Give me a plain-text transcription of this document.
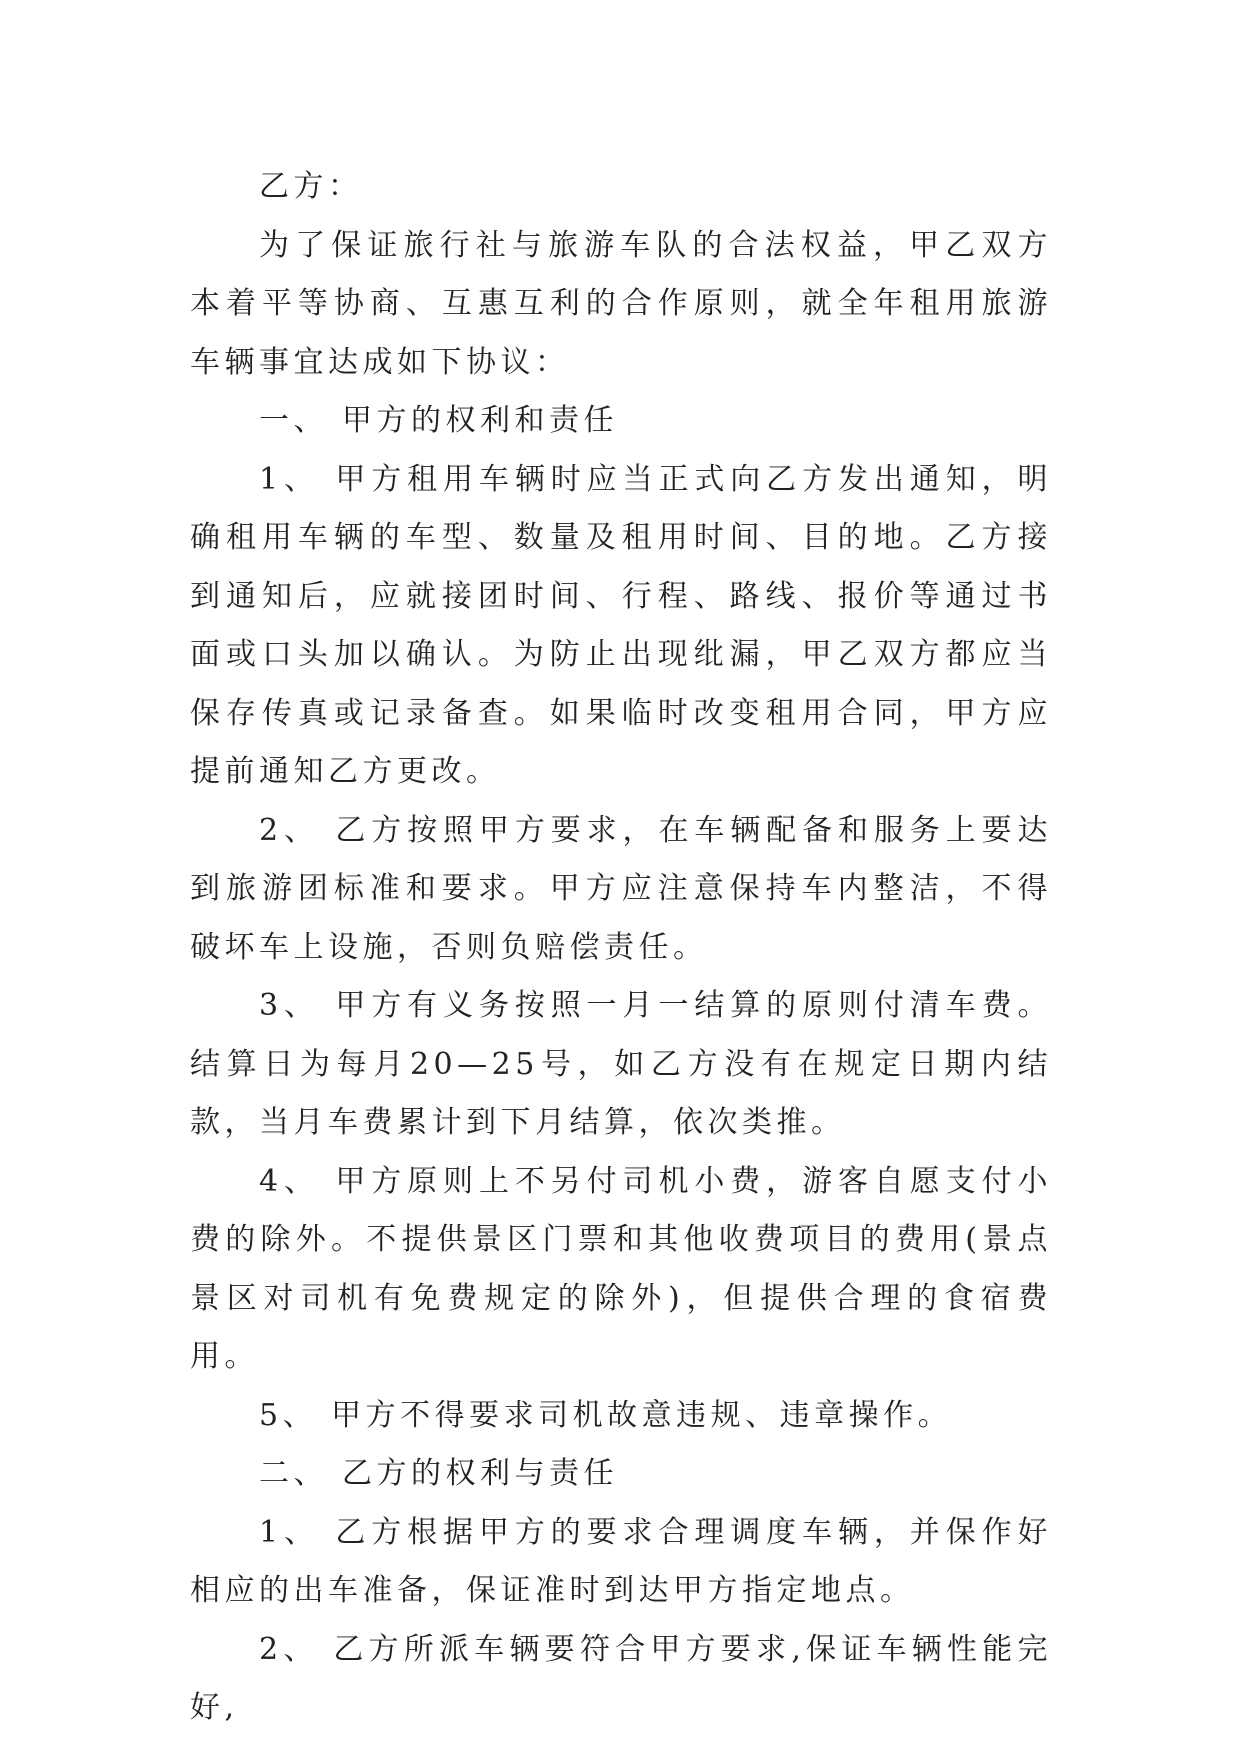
乙方：

为了保证旅行社与旅游车队的合法权益，甲乙双方本着平等协商、互惠互利的合作原则，就全年租用旅游车辆事宜达成如下协议：

一、 甲方的权利和责任

1、 甲方租用车辆时应当正式向乙方发出通知，明确租用车辆的车型、数量及租用时间、目的地。乙方接到通知后，应就接团时间、行程、路线、报价等通过书面或口头加以确认。为防止出现纰漏，甲乙双方都应当保存传真或记录备查。如果临时改变租用合同，甲方应提前通知乙方更改。

2、 乙方按照甲方要求，在车辆配备和服务上要达到旅游团标准和要求。甲方应注意保持车内整洁，不得破坏车上设施，否则负赔偿责任。

3、 甲方有义务按照一月一结算的原则付清车费。结算日为每月20—25号，如乙方没有在规定日期内结款，当月车费累计到下月结算，依次类推。

4、 甲方原则上不另付司机小费，游客自愿支付小费的除外。不提供景区门票和其他收费项目的费用(景点景区对司机有免费规定的除外)，但提供合理的食宿费用。

5、 甲方不得要求司机故意违规、违章操作。

二、 乙方的权利与责任

1、 乙方根据甲方的要求合理调度车辆，并保作好相应的出车准备，保证准时到达甲方指定地点。

2、 乙方所派车辆要符合甲方要求,保证车辆性能完好,
